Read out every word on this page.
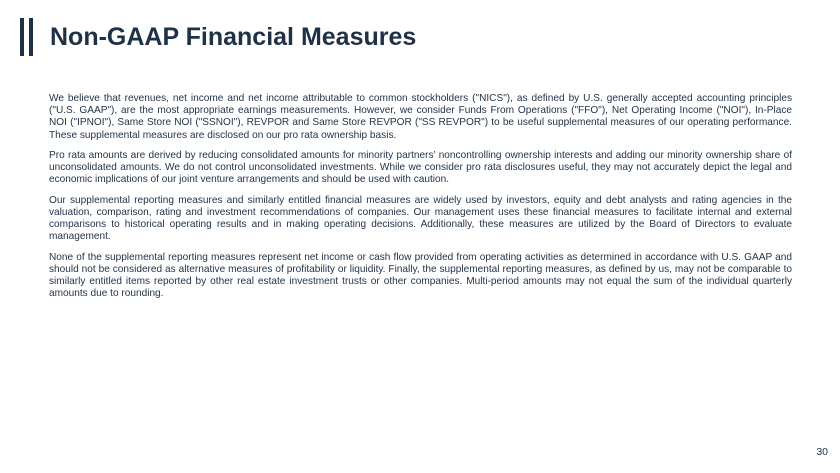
Non-GAAP Financial Measures

We believe that revenues, net income and net income attributable to common stockholders ("NICS"), as defined by U.S. generally accepted accounting principles ("U.S. GAAP"), are the most appropriate earnings measurements. However, we consider Funds From Operations ("FFO"), Net Operating Income ("NOI"), In-Place NOI ("IPNOI"), Same Store NOI ("SSNOI"), REVPOR and Same Store REVPOR ("SS REVPOR") to be useful supplemental measures of our operating performance. These supplemental measures are disclosed on our pro rata ownership basis.

Pro rata amounts are derived by reducing consolidated amounts for minority partners’ noncontrolling ownership interests and adding our minority ownership share of unconsolidated amounts. We do not control unconsolidated investments. While we consider pro rata disclosures useful, they may not accurately depict the legal and economic implications of our joint venture arrangements and should be used with caution.

Our supplemental reporting measures and similarly entitled financial measures are widely used by investors, equity and debt analysts and rating agencies in the valuation, comparison, rating and investment recommendations of companies. Our management uses these financial measures to facilitate internal and external comparisons to historical operating results and in making operating decisions. Additionally, these measures are utilized by the Board of Directors to evaluate management.

None of the supplemental reporting measures represent net income or cash flow provided from operating activities as determined in accordance with U.S. GAAP and should not be considered as alternative measures of profitability or liquidity. Finally, the supplemental reporting measures, as defined by us, may not be comparable to similarly entitled items reported by other real estate investment trusts or other companies. Multi-period amounts may not equal the sum of the individual quarterly amounts due to rounding.

30
